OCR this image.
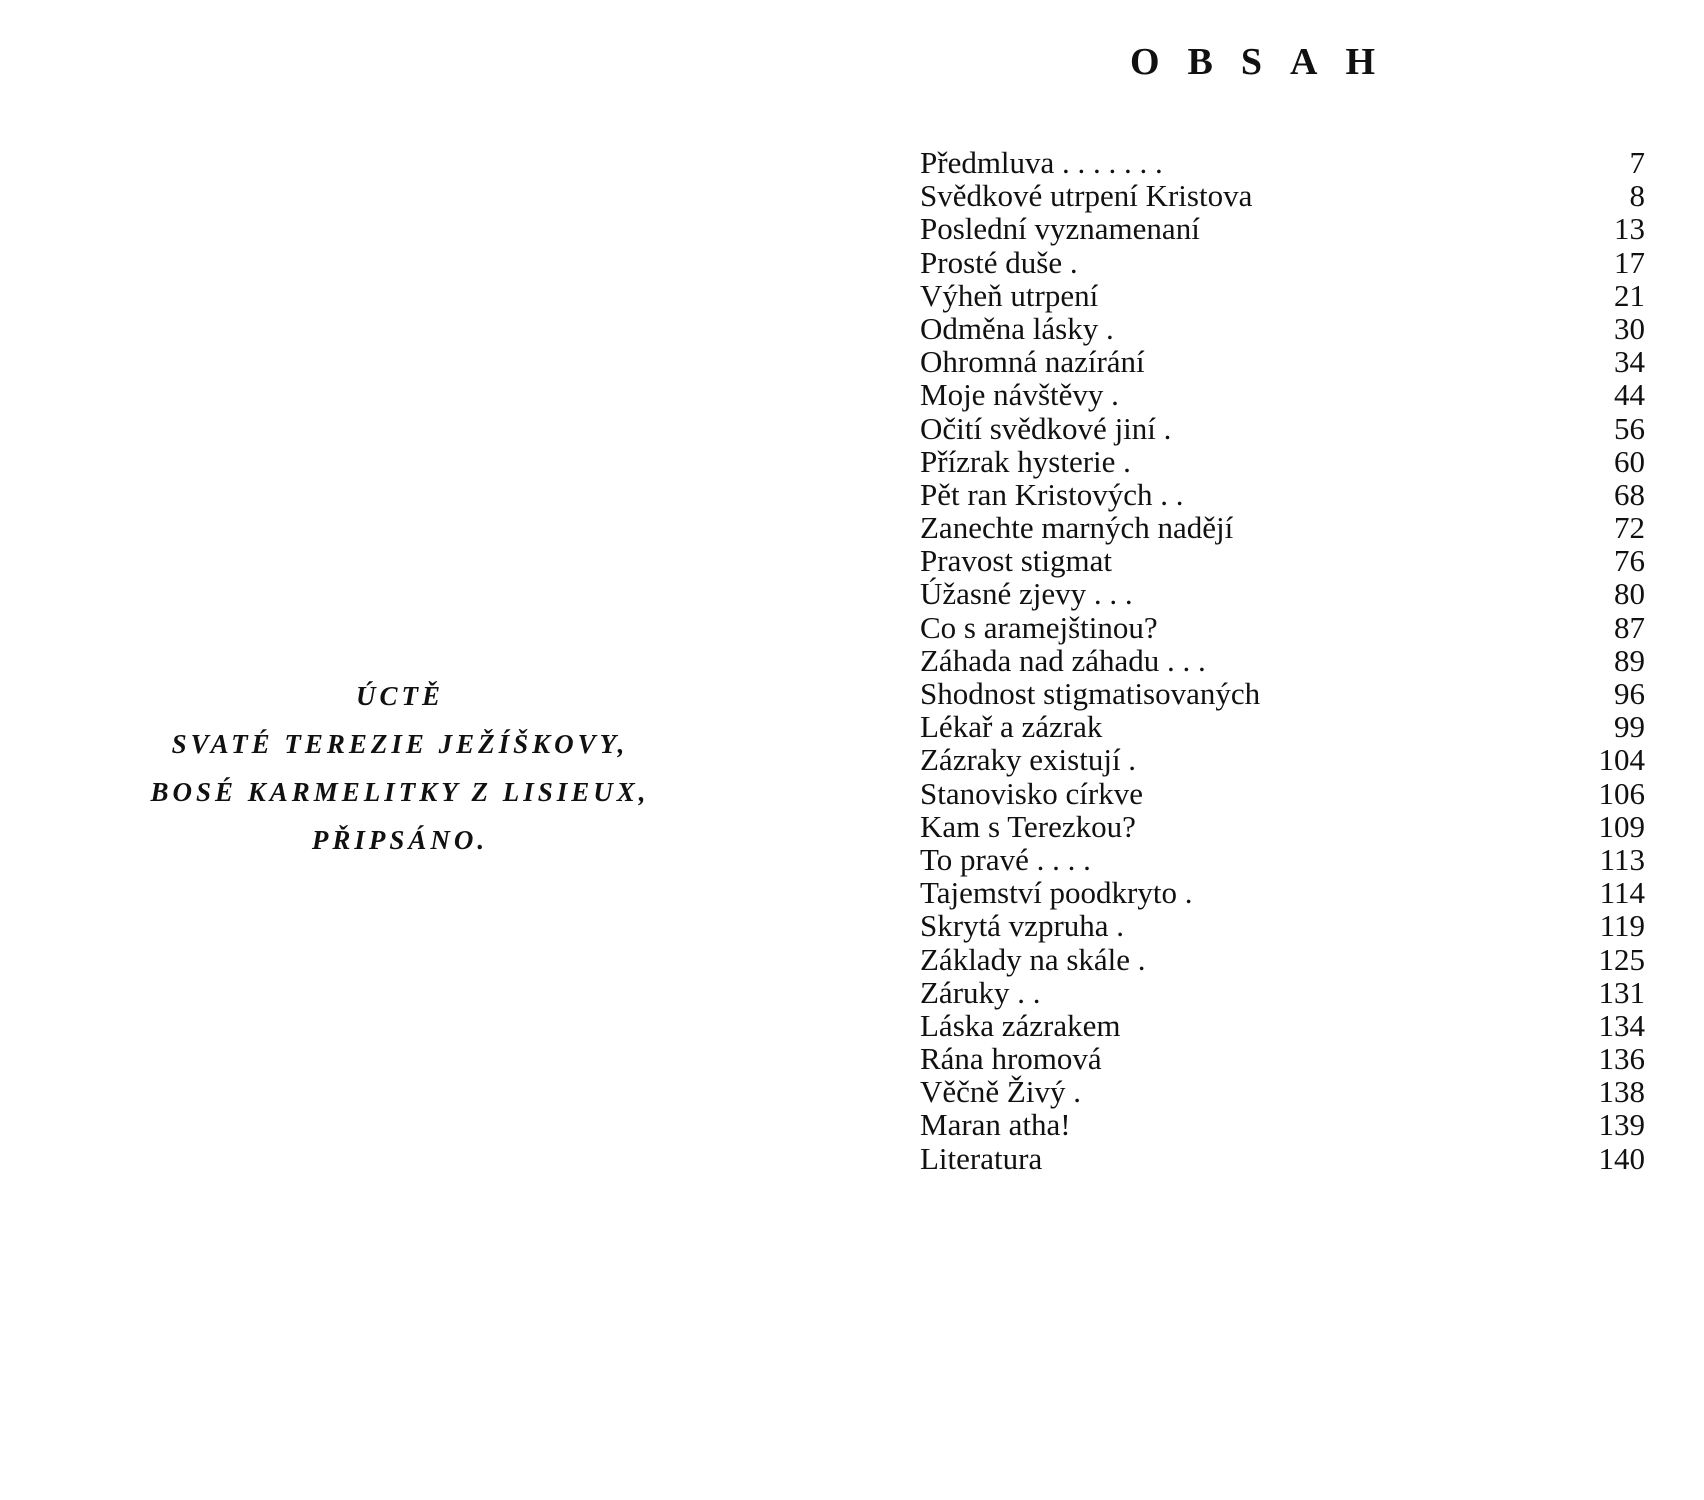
ÚCTĚ
SVATÉ TEREZIE JEŽÍŠKOVY,
BOSÉ KARMELITKY Z LISIEUX,
PŘIPSÁNO.
OBSAH
Předmluva . . . . . . .	7
Svědkové utrpení Kristova	8
Poslední vyznamenaní	13
Prosté duše .	17
Výheň utrpení	21
Odměna lásky .	30
Ohromná nazírání	34
Moje návštěvy .	44
Očití svědkové jiní .	56
Přízrak hysterie .	60
Pět ran Kristových . .	68
Zanechte marných nadějí	72
Pravost stigmat	76
Úžasné zjevy . . .	80
Co s aramejštinou?	87
Záhada nad záhadu . . .	89
Shodnost stigmatisovaných	96
Lékař a zázrak	99
Zázraky existují .	104
Stanovisko církve	106
Kam s Terezkou?	109
To pravé . . . .	113
Tajemství poodkryto .	114
Skrytá vzpruha .	119
Základy na skále .	125
Záruky . .	131
Láska zázrakem	134
Rána hromová	136
Věčně Živý .	138
Maran atha!	139
Literatura	140
